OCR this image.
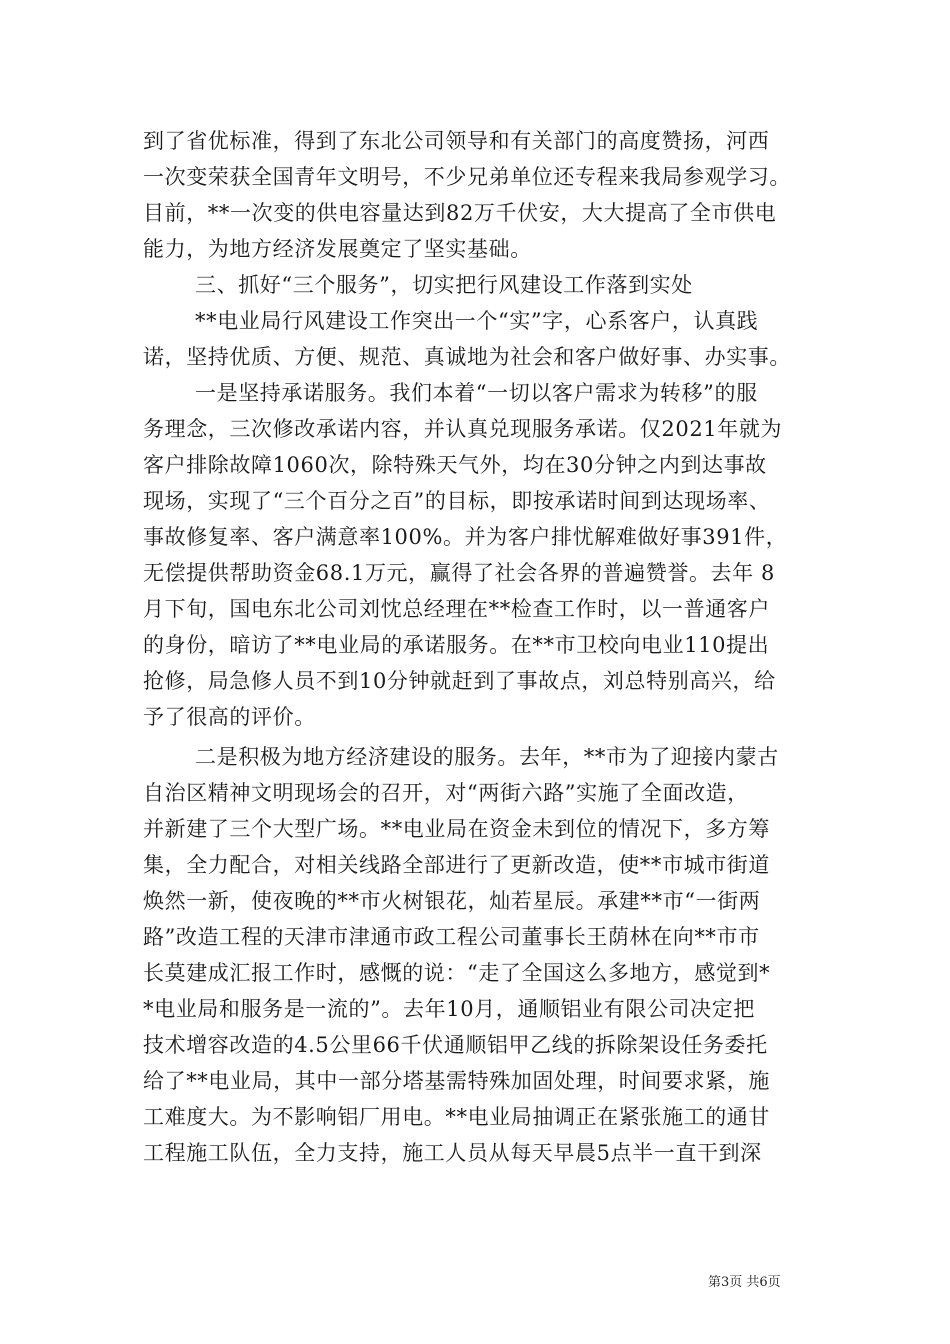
到了省优标准，得到了东北公司领导和有关部门的高度赞扬，河西
一次变荣获全国青年文明号，不少兄弟单位还专程来我局参观学习。
目前，**一次变的供电容量达到82万千伏安，大大提高了全市供电
能力，为地方经济发展奠定了坚实基础。
三、抓好“三个服务”，切实把行风建设工作落到实处
**电业局行风建设工作突出一个“实”字，心系客户，认真践
诺，坚持优质、方便、规范、真诚地为社会和客户做好事、办实事。
一是坚持承诺服务。我们本着“一切以客户需求为转移”的服
务理念，三次修改承诺内容，并认真兑现服务承诺。仅2021年就为
客户排除故障1060次，除特殊天气外，均在30分钟之内到达事故
现场，实现了“三个百分之百”的目标，即按承诺时间到达现场率、
事故修复率、客户满意率100%。并为客户排忧解难做好事391件，
无偿提供帮助资金68.1万元，赢得了社会各界的普遍赞誉。去年 8
月下旬，国电东北公司刘忱总经理在**检查工作时，以一普通客户
的身份，暗访了**电业局的承诺服务。在**市卫校向电业110提出
抢修，局急修人员不到10分钟就赶到了事故点，刘总特别高兴，给
予了很高的评价。
二是积极为地方经济建设的服务。去年，**市为了迎接内蒙古
自治区精神文明现场会的召开，对“两街六路”实施了全面改造，
并新建了三个大型广场。**电业局在资金未到位的情况下，多方筹
集，全力配合，对相关线路全部进行了更新改造，使**市城市街道
焕然一新，使夜晚的**市火树银花，灿若星辰。承建**市“一街两
路”改造工程的天津市津通市政工程公司董事长王荫林在向**市市
长莫建成汇报工作时，感慨的说：“走了全国这么多地方，感觉到*
*电业局和服务是一流的”。去年10月，通顺铝业有限公司决定把
技术增容改造的4.5公里66千伏通顺铝甲乙线的拆除架设任务委托
给了**电业局，其中一部分塔基需特殊加固处理，时间要求紧，施
工难度大。为不影响铝厂用电。**电业局抽调正在紧张施工的通甘
工程施工队伍，全力支持，施工人员从每天早晨5点半一直干到深
第3页 共6页
